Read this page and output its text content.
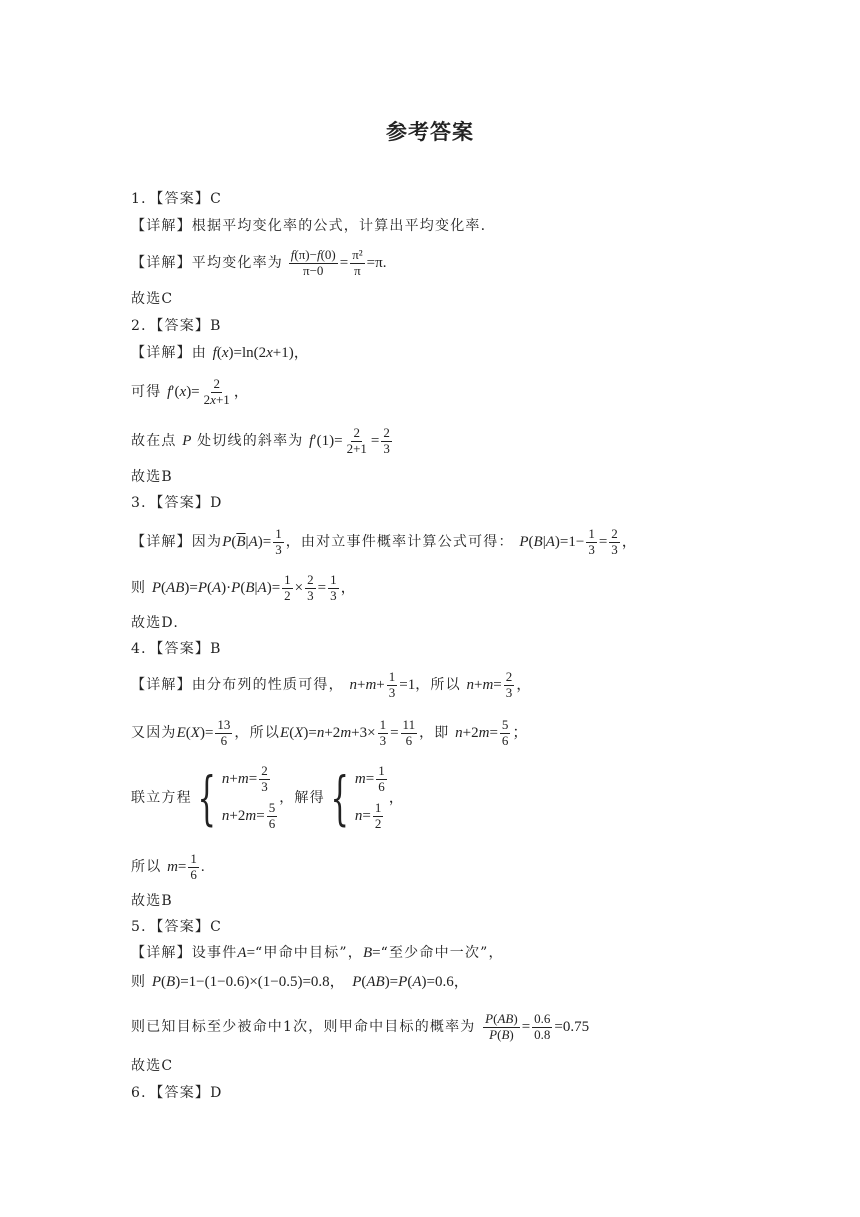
参考答案
1．【答案】C
【详解】根据平均变化率的公式，计算出平均变化率.
【详解】平均变化率为 $\frac{f(\pi)-f(0)}{\pi-0} = \frac{\text{π²}}{\pi} =\pi$.
故选C
2．【答案】B
【详解】由 f(x)=ln(2x+1)，
可得 $f'(x)= \frac{2}{2x+1}$ ，
故在点 P 处切线的斜率为 $f'(1)= \frac{2}{2+1} = \frac{2}{3}$
故选B
3．【答案】D
【详解】因为$P(\overline{B}|A)= \frac{1}{3}$ ，由对立事件概率计算公式可得： $P(B|A)=1- \frac{1}{3} = \frac{2}{3}$ ，
则 $P(AB)=P(A)\cdot P(B|A)= \frac{1}{2} \times \frac{2}{3} = \frac{1}{3}$ ，
故选D.
4．【答案】B
【详解】由分布列的性质可得， $n+m+ \frac{1}{3} =1$，所以 $n+m= \frac{2}{3}$ ，
又因为$E(X)= \frac{13}{6}$ ，所以$E(X)=n+2m+3\times \frac{1}{3} = \frac{11}{6}$ ，即 $n+2m= \frac{5}{6}$ ；
联立方程{ $n+m= \frac{2}{3}$
$n+2m= \frac{5}{6}$
，解得{ $m= \frac{1}{6}$
$n= \frac{1}{2}$
，
所以 $m= \frac{1}{6}$ .
故选B
5．【答案】C
【详解】设事件A=“甲命中目标”，B=“至少命中一次”，
则 P(B)=1−(1−0.6)×(1−0.5)=0.8，  P(AB)=P(A)=0.6，
则已知目标至少被命中1次，则甲命中目标的概率为 $\frac{P(AB)}{P(B)} = \frac{0.6}{0.8} =0.75$
故选C
6．【答案】D
